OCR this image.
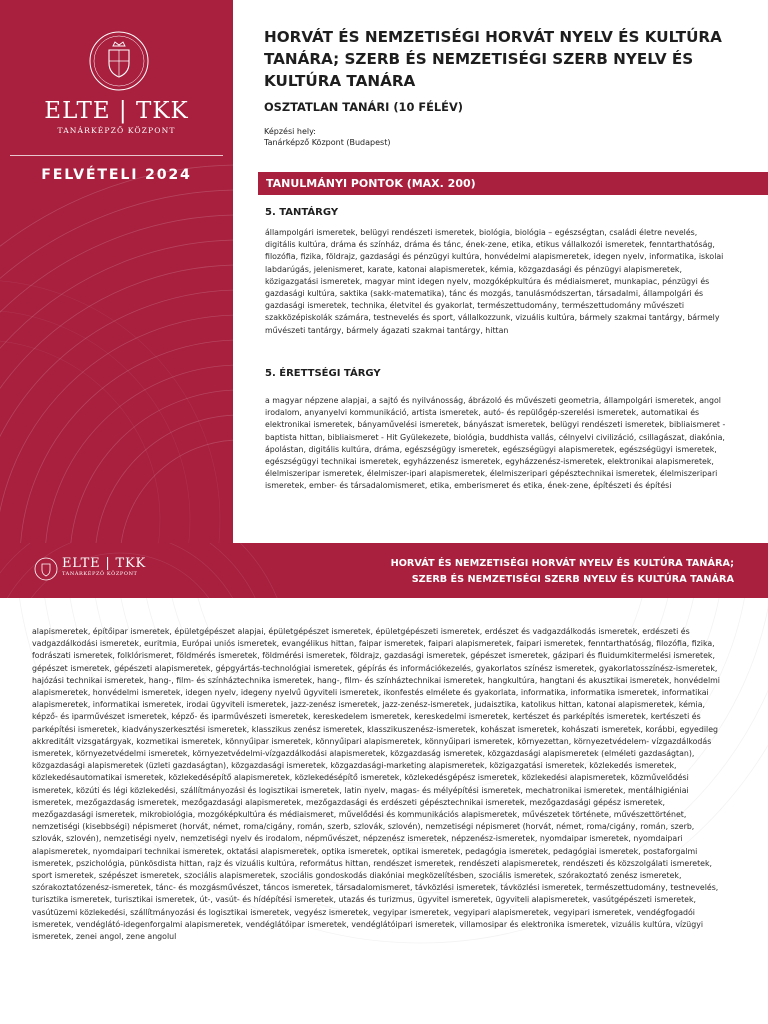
ELTE | TKK
TANÁRKÉPZŐ KÖZPONT
FELVÉTELI 2024
HORVÁT ÉS NEMZETISÉGI HORVÁT NYELV ÉS KULTÚRA TANÁRA; SZERB ÉS NEMZETISÉGI SZERB NYELV ÉS KULTÚRA TANÁRA
OSZTATLAN TANÁRI (10 FÉLÉV)
Képzési hely:
Tanárképző Központ (Budapest)
TANULMÁNYI PONTOK (MAX. 200)
5. TANTÁRGY
állampolgári ismeretek, belügyi rendészeti ismeretek, biológia, biológia – egészségtan, családi életre nevelés, digitális kultúra, dráma és színház, dráma és tánc, ének-zene, etika, etikus vállalkozói ismeretek, fenntarthatóság, filozófia, fizika, földrajz, gazdasági és pénzügyi kultúra, honvédelmi alapismeretek, idegen nyelv, informatika, iskolai labdarúgás, jelenismeret, karate, katonai alapismeretek, kémia, közgazdasági és pénzügyi alapismeretek, közigazgatási ismeretek, magyar mint idegen nyelv, mozgóképkultúra és médiaismeret, munkapiac, pénzügyi és gazdasági kultúra, saktika (sakk-matematika), tánc és mozgás, tanulásmódszertan, társadalmi, állampolgári és gazdasági ismeretek, technika, életvitel és gyakorlat, természettudomány, természettudomány művészeti szakközépiskolák számára, testnevelés és sport, vállalkozzunk, vizuális kultúra, bármely szakmai tantárgy, bármely művészeti tantárgy, bármely ágazati szakmai tantárgy, hittan
5. ÉRETTSÉGI TÁRGY
a magyar népzene alapjai, a sajtó és nyilvánosság, ábrázoló és művészeti geometria, állampolgári ismeretek, angol irodalom, anyanyelvi kommunikáció, artista ismeretek, autó- és repülőgép-szerelési ismeretek, automatikai és elektronikai ismeretek, bányaművelési ismeretek, bányászat ismeretek, belügyi rendészeti ismeretek, bibliaismeret - baptista hittan, bibliaismeret - Hit Gyülekezete, biológia, buddhista vallás, célnyelvi civilizáció, csillagászat, diakónia, ápolástan, digitális kultúra, dráma, egészségügy ismeretek, egészségügyi alapismeretek, egészségügyi ismeretek, egészségügyi technikai ismeretek, egyházzenész ismeretek, egyházzenész-ismeretek, elektronikai alapismeretek, élelmiszeripar ismeretek, élelmiszer-ipari alapismeretek, élelmiszeripari gépésztechnikai ismeretek, élelmiszeripari ismeretek, ember- és társadalomismeret, etika, emberismeret és etika, ének-zene, építészeti és építési
ELTE | TKK
TANÁRKÉPZŐ KÖZPONT
HORVÁT ÉS NEMZETISÉGI HORVÁT NYELV ÉS KULTÚRA TANÁRA;
SZERB ÉS NEMZETISÉGI SZERB NYELV ÉS KULTÚRA TANÁRA
alapismeretek, építőipar ismeretek, épületgépészet alapjai, épületgépészet ismeretek, épületgépészeti ismeretek, erdészet és vadgazdálkodás ismeretek, erdészeti és vadgazdálkodási ismeretek, euritmia, Európai uniós ismeretek, evangélikus hittan, faipar ismeretek, faipari alapismeretek, faipari ismeretek, fenntarthatóság, filozófia, fizika, fodrászati ismeretek, folklórismeret, földmérés ismeretek, földmérési ismeretek, földrajz, gazdasági ismeretek, gépészet ismeretek, gázipari és fluidumkitermelési ismeretek, gépészet ismeretek, gépészeti alapismeretek, gépgyártás-technológiai ismeretek, gépírás és információkezelés, gyakorlatos színész ismeretek, gyakorlatosszínész-ismeretek, hajózási technikai ismeretek, hang-, film- és színháztechnika ismeretek, hang-, film- és színháztechnikai ismeretek, hangkultúra, hangtani és akusztikai ismeretek, honvédelmi alapismeretek, honvédelmi ismeretek, idegen nyelv, idegeny nyelvű ügyviteli ismeretek, ikonfestés elmélete és gyakorlata, informatika, informatika ismeretek, informatikai alapismeretek, informatikai ismeretek, irodai ügyviteli ismeretek, jazz-zenész ismeretek, jazz-zenész-ismeretek, judaisztika, katolikus hittan, katonai alapismeretek, kémia, képző- és iparművészet ismeretek, képző- és iparművészeti ismeretek, kereskedelem ismeretek, kereskedelmi ismeretek, kertészet és parképítés ismeretek, kertészeti és parképítési ismeretek, kiadványszerkesztési ismeretek, klasszikus zenész ismeretek, klasszikuszenész-ismeretek, kohászat ismeretek, kohászati ismeretek, korábbi, egyedileg akkreditált vizsgatárgyak, kozmetikai ismeretek, könnyűipar ismeretek, könnyűipari alapismeretek, könnyűipari ismeretek, környezettan, környezetvédelem- vízgazdálkodás ismeretek, környezetvédelmi ismeretek, környezetvédelmi-vízgazdálkodási alapismeretek, közgazdaság ismeretek, közgazdasági alapismeretek (elméleti gazdaságtan), közgazdasági alapismeretek (üzleti gazdaságtan), közgazdasági ismeretek, közgazdasági-marketing alapismeretek, közigazgatási ismeretek, közlekedés ismeretek, közlekedésautomatikai ismeretek, közlekedésépítő alapismeretek, közlekedésépítő ismeretek, közlekedésgépész ismeretek, közlekedési alapismeretek, közművelődési ismeretek, közúti és légi közlekedési, szállítmányozási és logisztikai ismeretek, latin nyelv, magas- és mélyépítési ismeretek, mechatronikai ismeretek, mentálhigiéniai ismeretek, mezőgazdaság ismeretek, mezőgazdasági alapismeretek, mezőgazdasági és erdészeti gépésztechnikai ismeretek, mezőgazdasági gépész ismeretek, mezőgazdasági ismeretek, mikrobiológia, mozgóképkultúra és médiaismeret, művelődési és kommunikációs alapismeretek, művészetek története, művészettörténet, nemzetiségi (kisebbségi) népismeret (horvát, német, roma/cigány, román, szerb, szlovák, szlovén), nemzetiségi népismeret (horvát, német, roma/cigány, román, szerb, szlovák, szlovén), nemzetiségi nyelv, nemzetiségi nyelv és irodalom, népművészet, népzenész ismeretek, népzenész-ismeretek, nyomdaipar ismeretek, nyomdaipari alapismeretek, nyomdaipari technikai ismeretek, oktatási alapismeretek, optika ismeretek, optikai ismeretek, pedagógia ismeretek, pedagógiai ismeretek, postaforgalmi ismeretek, pszichológia, pünkösdista hittan, rajz és vizuális kultúra, református hittan, rendészet ismeretek, rendészeti alapismeretek, rendészeti és közszolgálati ismeretek, sport ismeretek, szépészet ismeretek, szociális alapismeretek, szociális gondoskodás diakóniai megközelítésben, szociális ismeretek, szórakoztató zenész ismeretek, szórakoztatózenész-ismeretek, tánc- és mozgásművészet, táncos ismeretek, társadalomismeret, távközlési ismeretek, távközlési ismeretek, természettudomány, testnevelés, turisztika ismeretek, turisztikai ismeretek, út-, vasút- és hídépítési ismeretek, utazás és turizmus, ügyvitel ismeretek, ügyviteli alapismeretek, vasútgépészeti ismeretek, vasútüzemi közlekedési, szállítmányozási és logisztikai ismeretek, vegyész ismeretek, vegyipar ismeretek, vegyipari alapismeretek, vegyipari ismeretek, vendégfogadói ismeretek, vendéglátó-idegenforgalmi alapismeretek, vendéglátóipar ismeretek, vendéglátóipari ismeretek, villamosipar és elektronika ismeretek, vizuális kultúra, vízügyi ismeretek, zenei angol, zene angolul
